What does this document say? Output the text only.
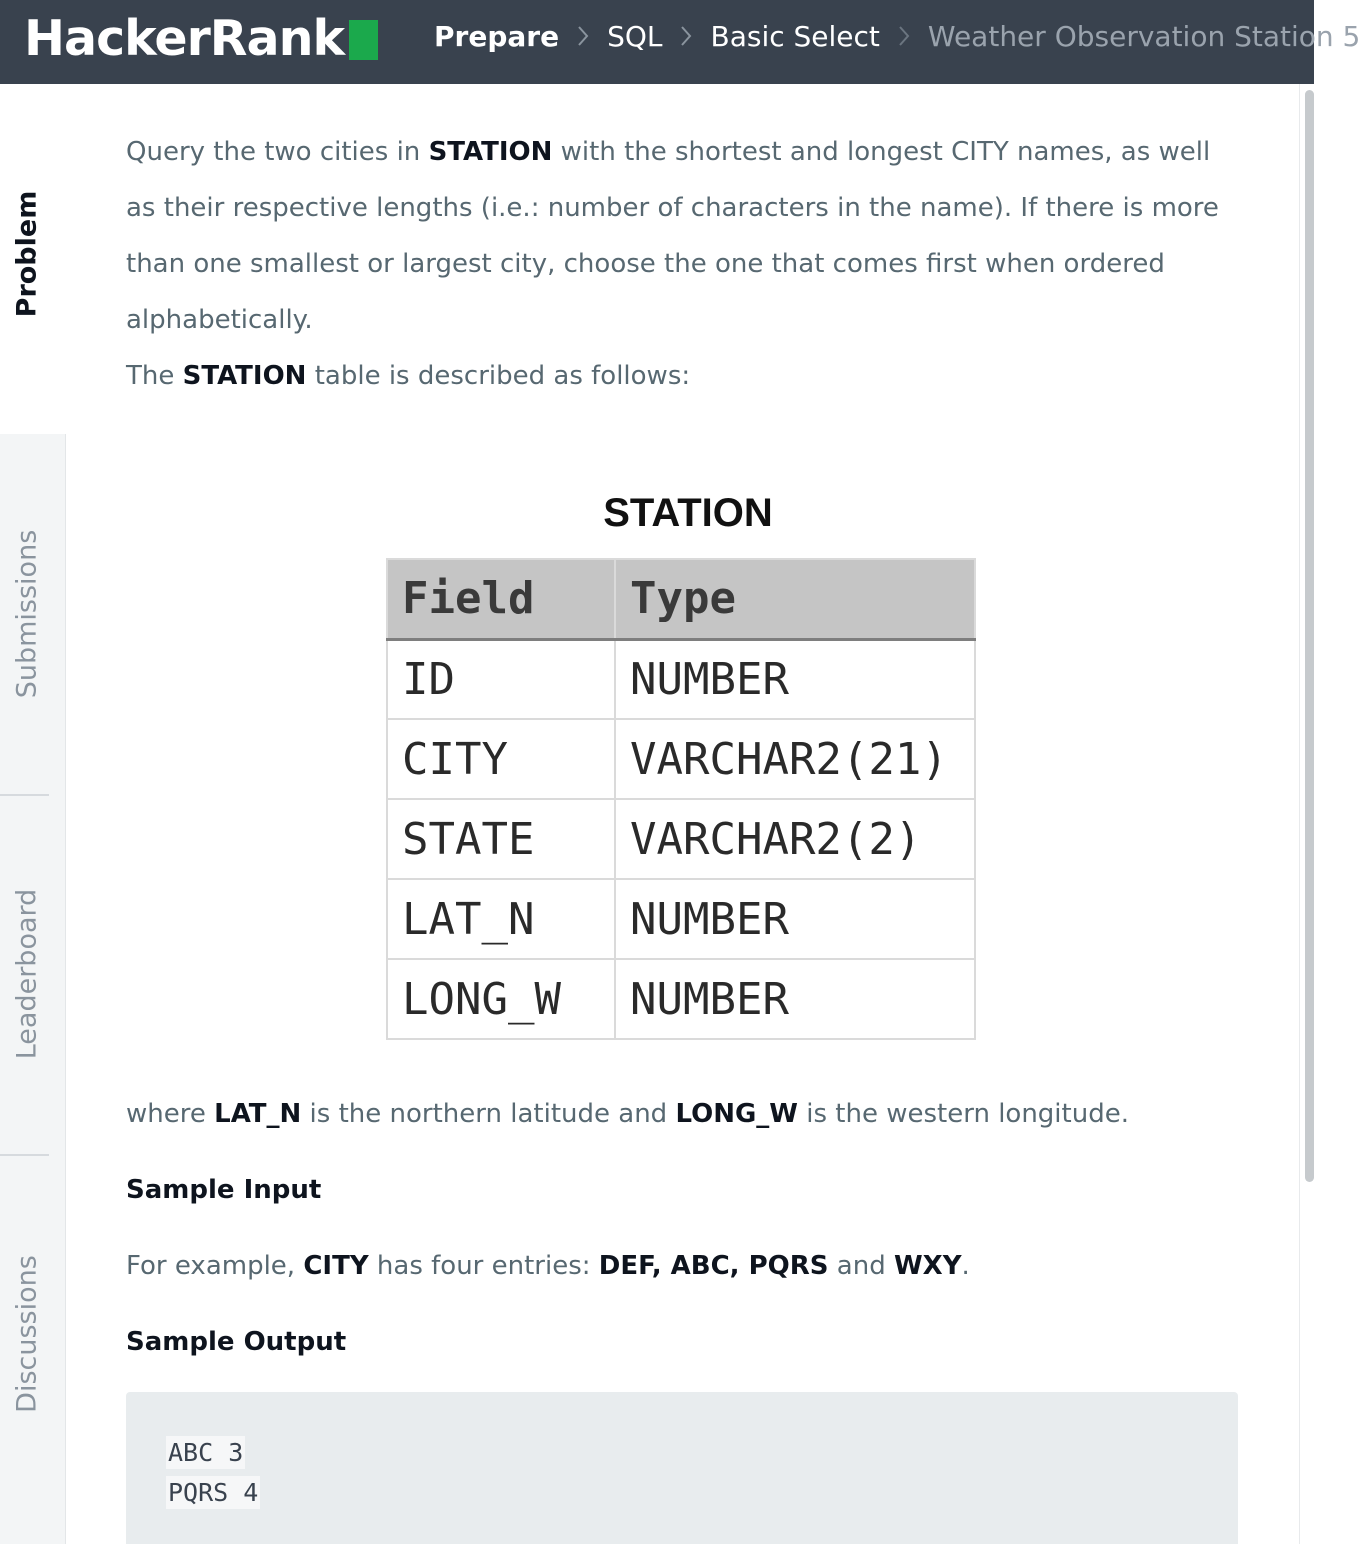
HackerRank	Prepare SQL Basic Select Weather Observation Station 5
Problem
Submissions
Leaderboard
Discussions

Query the two cities in STATION with the shortest and longest CITY names, as well as their respective lengths (i.e.: number of characters in the name). If there is more than one smallest or largest city, choose the one that comes first when ordered alphabetically.

The STATION table is described as follows:

STATION
Field	Type
ID	NUMBER
CITY	VARCHAR2(21)
STATE	VARCHAR2(2)
LAT_N	NUMBER
LONG_W	NUMBER

where LAT_N is the northern latitude and LONG_W is the western longitude.

Sample Input

For example, CITY has four entries: DEF, ABC, PQRS and WXY.

Sample Output

ABC 3
PQRS 4
